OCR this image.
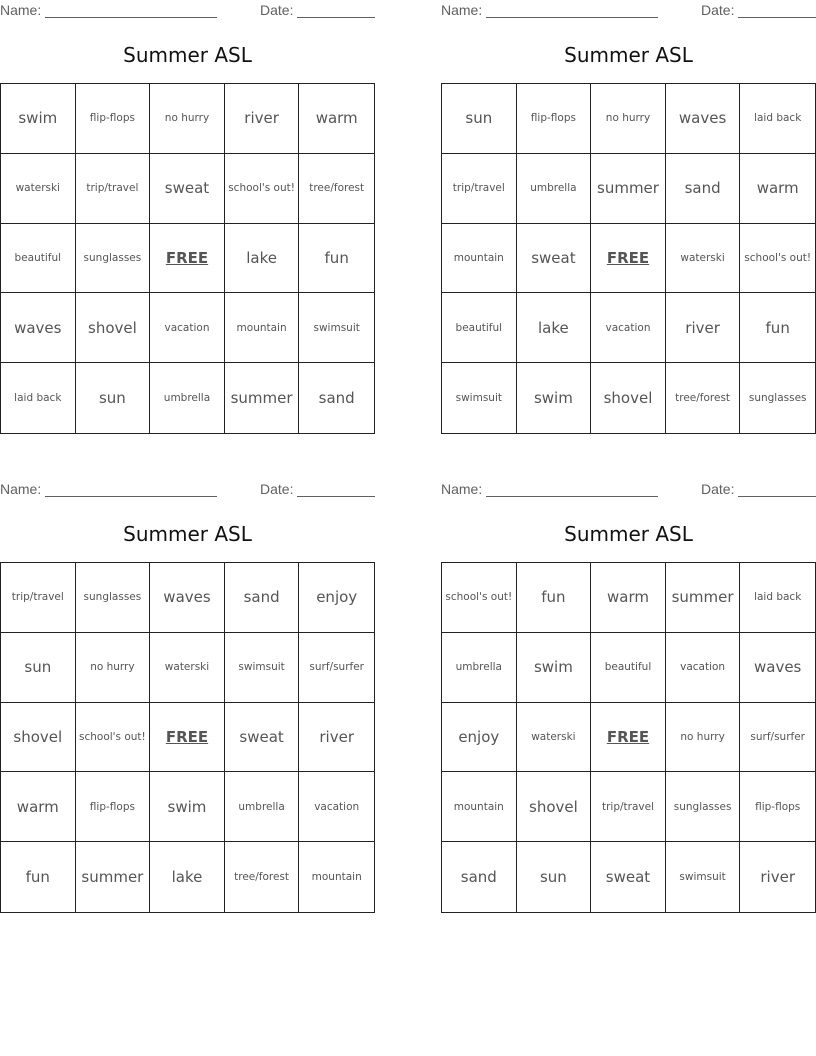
Name:	Date:
Summer ASL
swim	flip-flops	no hurry	river	warm
waterski	trip/travel	sweat	school's out!	tree/forest
beautiful	sunglasses	FREE	lake	fun
waves	shovel	vacation	mountain	swimsuit
laid back	sun	umbrella	summer	sand
Name:	Date:
Summer ASL
sun	flip-flops	no hurry	waves	laid back
trip/travel	umbrella	summer	sand	warm
mountain	sweat	FREE	waterski	school's out!
beautiful	lake	vacation	river	fun
swimsuit	swim	shovel	tree/forest	sunglasses
Name:	Date:
Summer ASL
trip/travel	sunglasses	waves	sand	enjoy
sun	no hurry	waterski	swimsuit	surf/surfer
shovel	school's out!	FREE	sweat	river
warm	flip-flops	swim	umbrella	vacation
fun	summer	lake	tree/forest	mountain
Name:	Date:
Summer ASL
school's out!	fun	warm	summer	laid back
umbrella	swim	beautiful	vacation	waves
enjoy	waterski	FREE	no hurry	surf/surfer
mountain	shovel	trip/travel	sunglasses	flip-flops
sand	sun	sweat	swimsuit	river
